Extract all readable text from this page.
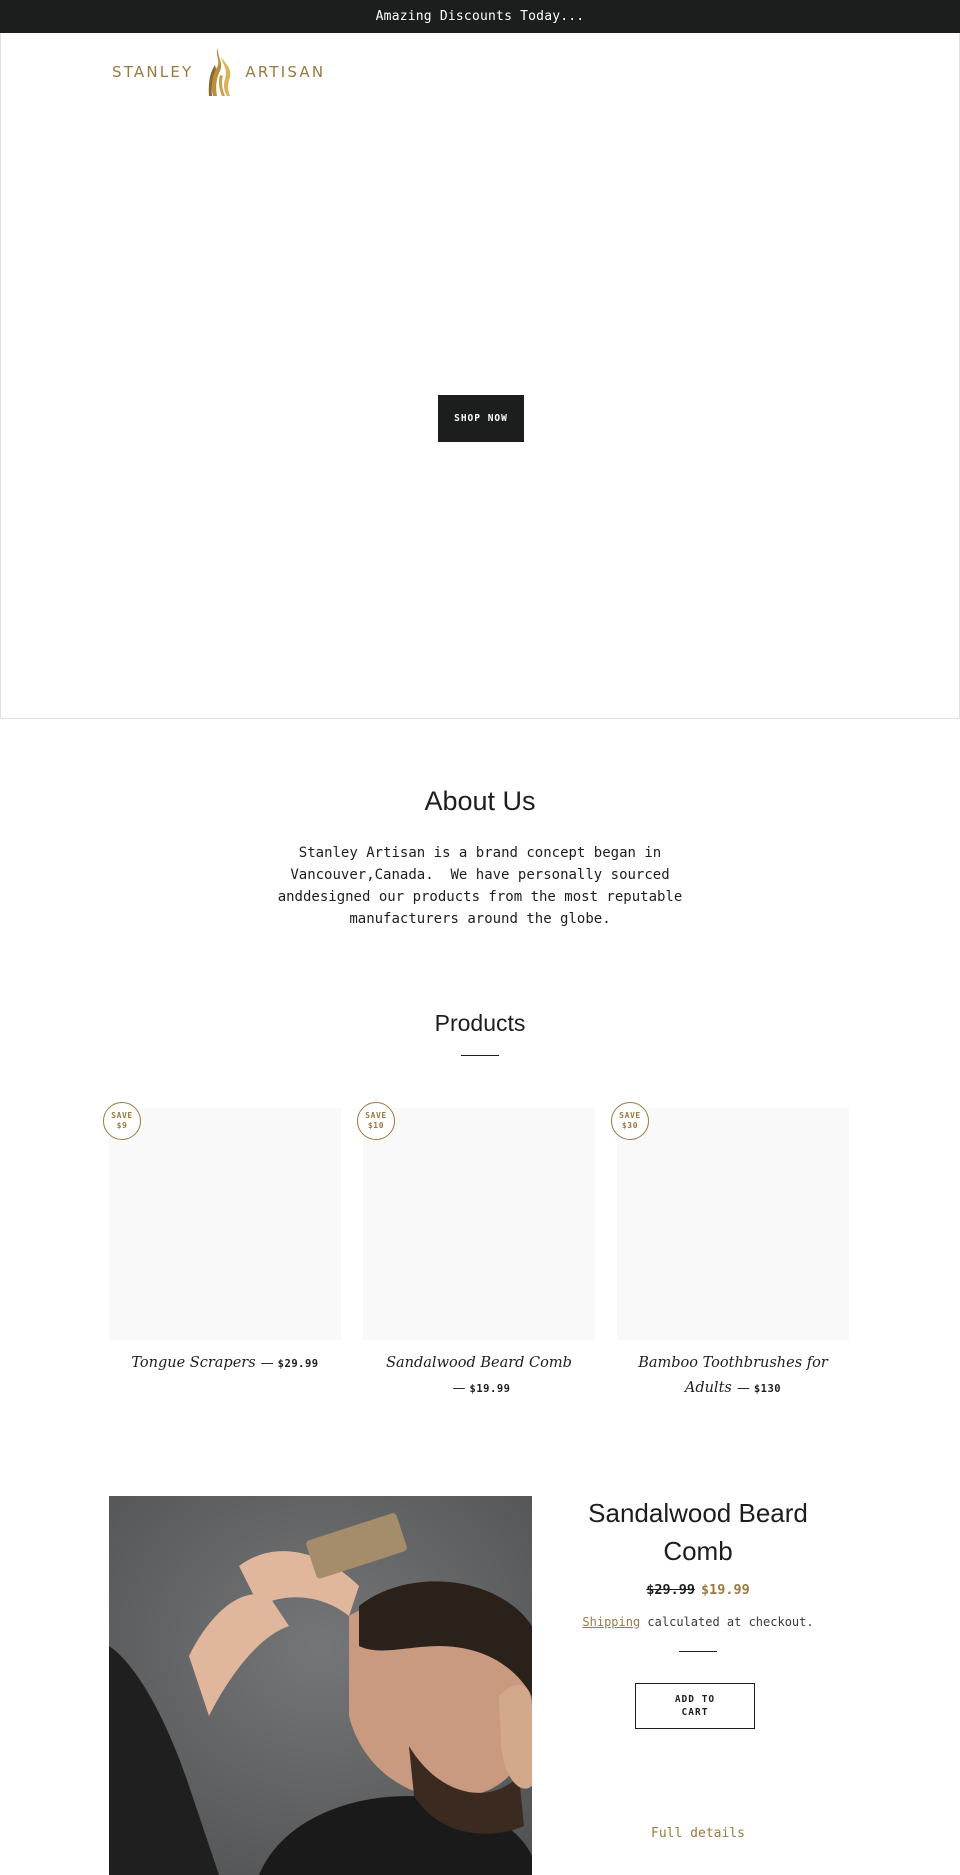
Amazing Discounts Today...
STANLEY	ARTISAN
SHOP NOW
About Us

Stanley Artisan is a brand concept began in Vancouver,Canada.  We have personally sourced anddesigned our products from the most reputable manufacturers around the globe.

Products
SAVE
$9
Tongue Scrapers — $29.99
SAVE
$10
Sandalwood Beard Comb
— $19.99
SAVE
$30
Bamboo Toothbrushes for Adults — $130
Sandalwood Beard Comb
$29.99 $19.99
Shipping calculated at checkout.
ADD TO CART
Full details
